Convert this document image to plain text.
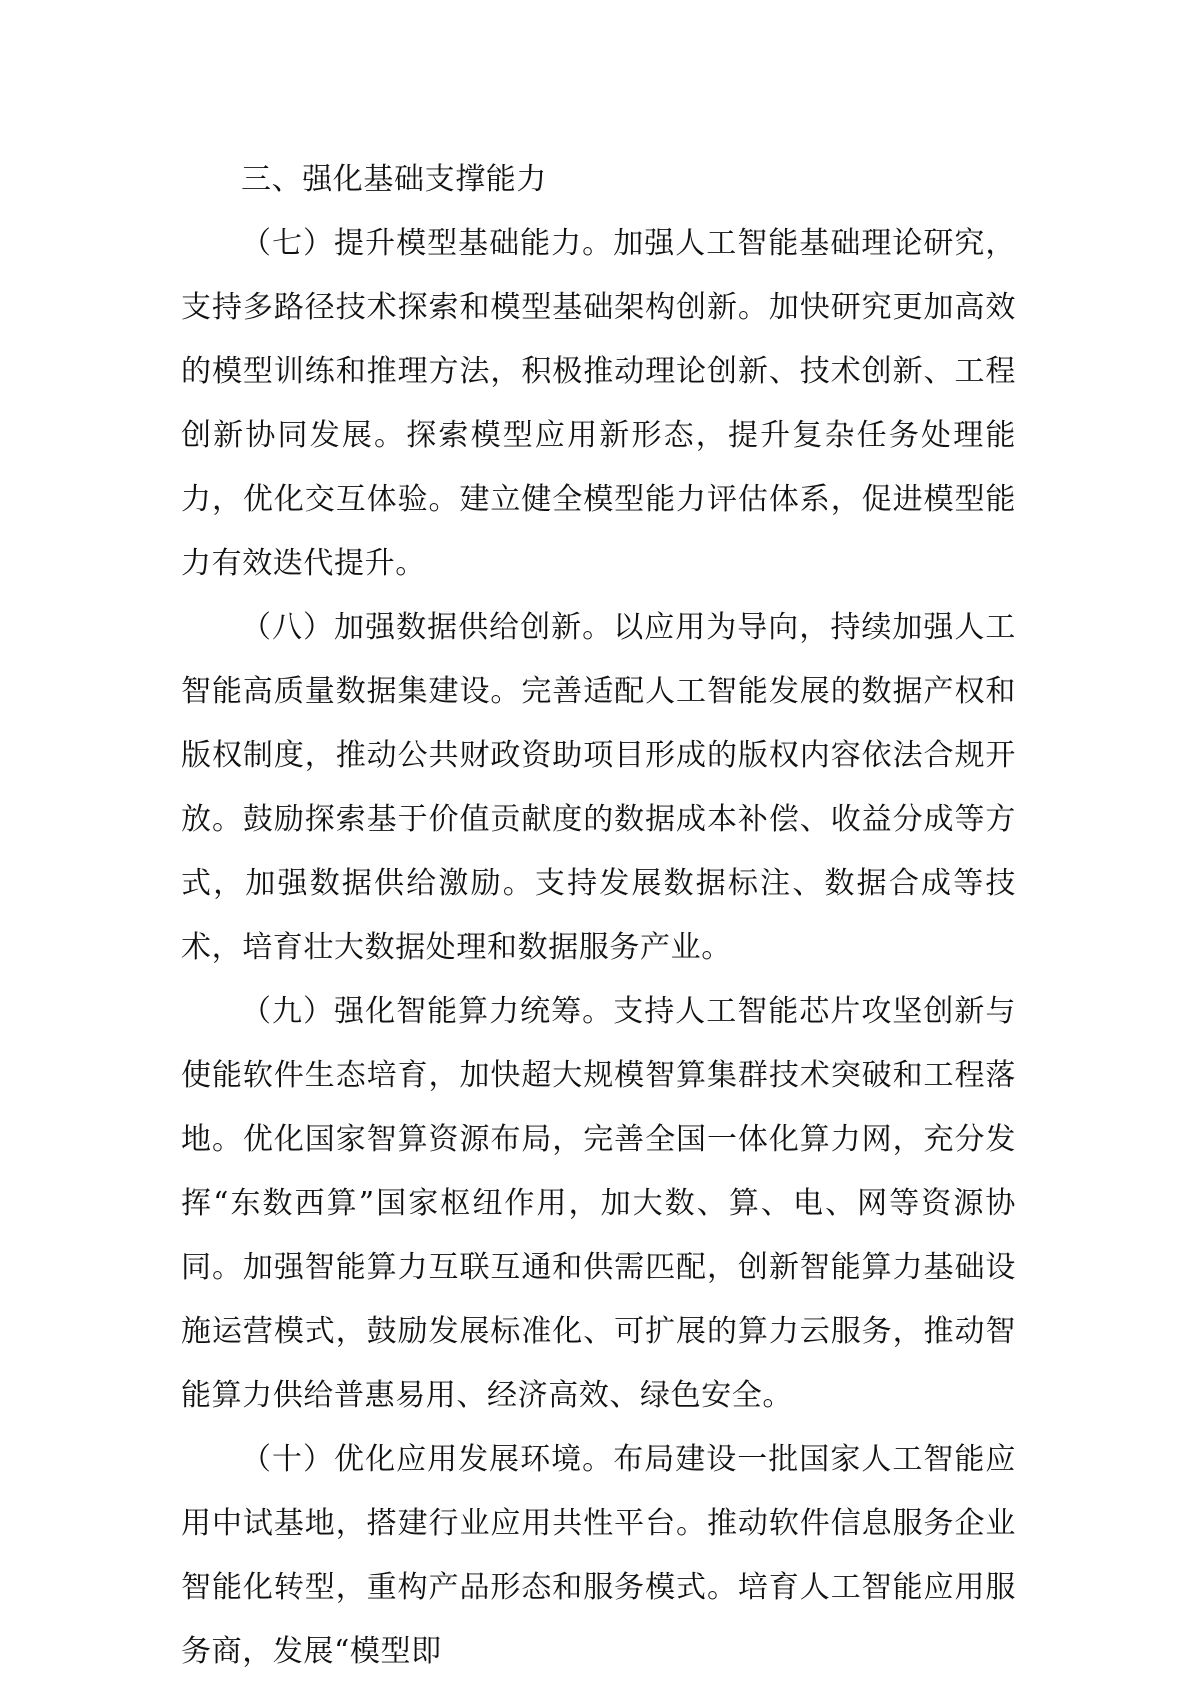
三、强化基础支撑能力

（七）提升模型基础能力。加强人工智能基础理论研究，支持多路径技术探索和模型基础架构创新。加快研究更加高效的模型训练和推理方法，积极推动理论创新、技术创新、工程创新协同发展。探索模型应用新形态，提升复杂任务处理能力，优化交互体验。建立健全模型能力评估体系，促进模型能力有效迭代提升。

（八）加强数据供给创新。以应用为导向，持续加强人工智能高质量数据集建设。完善适配人工智能发展的数据产权和版权制度，推动公共财政资助项目形成的版权内容依法合规开放。鼓励探索基于价值贡献度的数据成本补偿、收益分成等方式，加强数据供给激励。支持发展数据标注、数据合成等技术，培育壮大数据处理和数据服务产业。

（九）强化智能算力统筹。支持人工智能芯片攻坚创新与使能软件生态培育，加快超大规模智算集群技术突破和工程落地。优化国家智算资源布局，完善全国一体化算力网，充分发挥“东数西算”国家枢纽作用，加大数、算、电、网等资源协同。加强智能算力互联互通和供需匹配，创新智能算力基础设施运营模式，鼓励发展标准化、可扩展的算力云服务，推动智能算力供给普惠易用、经济高效、绿色安全。

（十）优化应用发展环境。布局建设一批国家人工智能应用中试基地，搭建行业应用共性平台。推动软件信息服务企业智能化转型，重构产品形态和服务模式。培育人工智能应用服务商，发展“模型即
